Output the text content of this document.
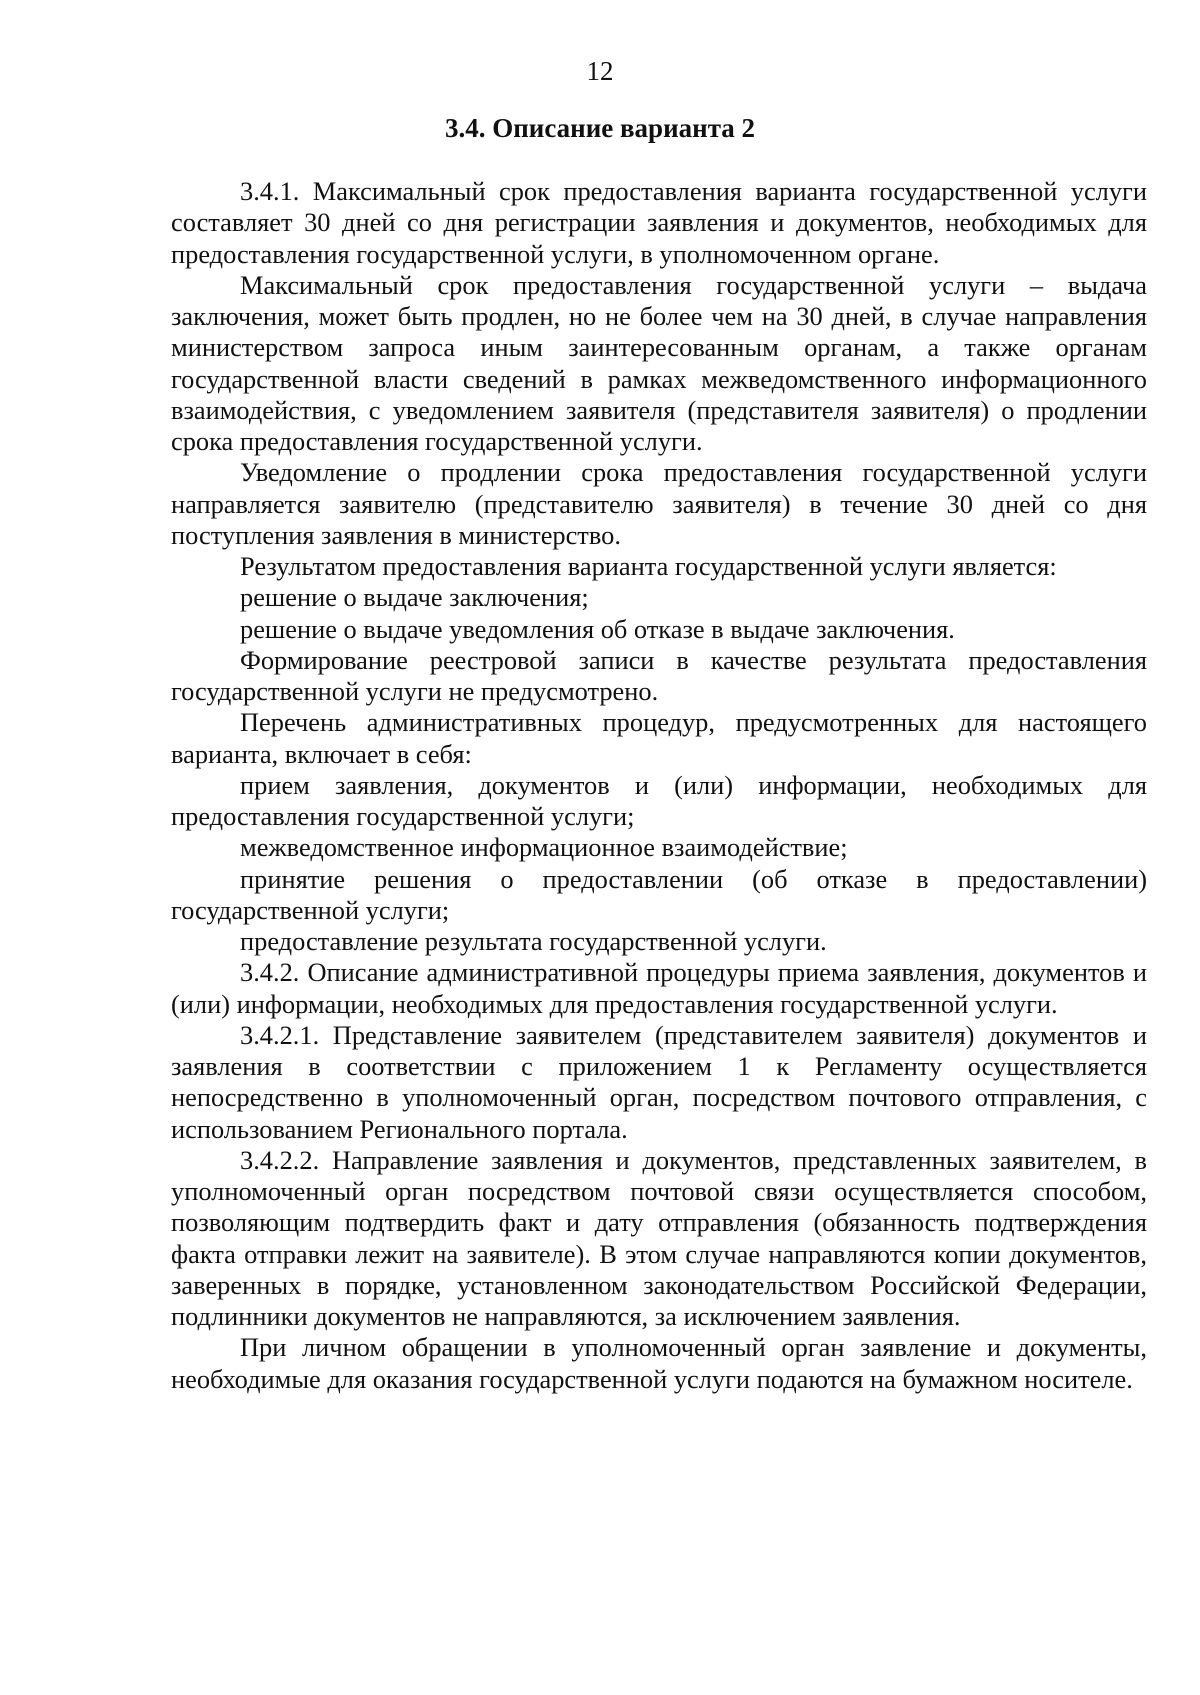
12
3.4. Описание варианта 2

3.4.1. Максимальный срок предоставления варианта государственной услуги составляет 30 дней со дня регистрации заявления и документов, необходимых для предоставления государственной услуги, в уполномоченном органе.

Максимальный срок предоставления государственной услуги – выдача заключения, может быть продлен, но не более чем на 30 дней, в случае направления министерством запроса иным заинтересованным органам, а также органам государственной власти сведений в рамках межведомственного информационного взаимодействия, с уведомлением заявителя (представителя заявителя) о продлении срока предоставления государственной услуги.

Уведомление о продлении срока предоставления государственной услуги направляется заявителю (представителю заявителя) в течение 30 дней со дня поступления заявления в министерство.

Результатом предоставления варианта государственной услуги является:

решение о выдаче заключения;

решение о выдаче уведомления об отказе в выдаче заключения.

Формирование реестровой записи в качестве результата предоставления государственной услуги не предусмотрено.

Перечень административных процедур, предусмотренных для настоящего варианта, включает в себя:

прием заявления, документов и (или) информации, необходимых для предоставления государственной услуги;

межведомственное информационное взаимодействие;

принятие решения о предоставлении (об отказе в предоставлении) государственной услуги;

предоставление результата государственной услуги.

3.4.2. Описание административной процедуры приема заявления, документов и (или) информации, необходимых для предоставления государственной услуги.

3.4.2.1. Представление заявителем (представителем заявителя) документов и заявления в соответствии с приложением 1 к Регламенту осуществляется непосредственно в уполномоченный орган, посредством почтового отправления, с использованием Регионального портала.

3.4.2.2. Направление заявления и документов, представленных заявителем, в уполномоченный орган посредством почтовой связи осуществляется способом, позволяющим подтвердить факт и дату отправления (обязанность подтверждения факта отправки лежит на заявителе). В этом случае направляются копии документов, заверенных в порядке, установленном законодательством Российской Федерации, подлинники документов не направляются, за исключением заявления.

При личном обращении в уполномоченный орган заявление и документы, необходимые для оказания государственной услуги подаются на бумажном носителе.
